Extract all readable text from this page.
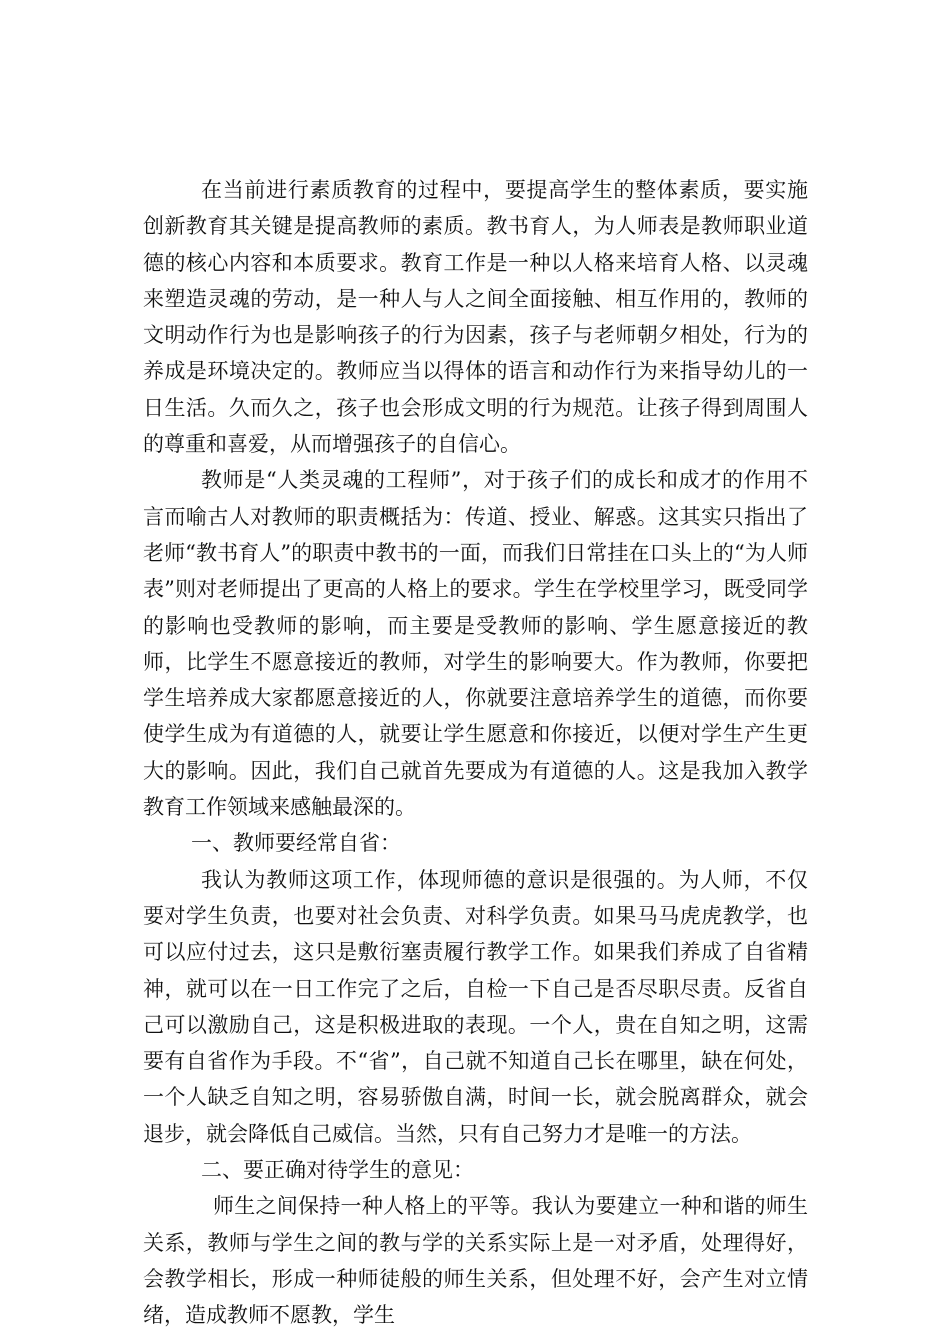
在当前进行素质教育的过程中，要提高学生的整体素质，要实施创新教育其关键是提高教师的素质。教书育人，为人师表是教师职业道德的核心内容和本质要求。教育工作是一种以人格来培育人格、以灵魂来塑造灵魂的劳动，是一种人与人之间全面接触、相互作用的，教师的文明动作行为也是影响孩子的行为因素，孩子与老师朝夕相处，行为的养成是环境决定的。教师应当以得体的语言和动作行为来指导幼儿的一日生活。久而久之，孩子也会形成文明的行为规范。让孩子得到周围人的尊重和喜爱，从而增强孩子的自信心。

教师是“人类灵魂的工程师”，对于孩子们的成长和成才的作用不言而喻古人对教师的职责概括为：传道、授业、解惑。这其实只指出了老师“教书育人”的职责中教书的一面，而我们日常挂在口头上的“为人师表”则对老师提出了更高的人格上的要求。学生在学校里学习，既受同学的影响也受教师的影响，而主要是受教师的影响、学生愿意接近的教师，比学生不愿意接近的教师，对学生的影响要大。作为教师，你要把学生培养成大家都愿意接近的人，你就要注意培养学生的道德，而你要使学生成为有道德的人，就要让学生愿意和你接近，以便对学生产生更大的影响。因此，我们自己就首先要成为有道德的人。这是我加入教学教育工作领域来感触最深的。

一、教师要经常自省：

我认为教师这项工作，体现师德的意识是很强的。为人师，不仅要对学生负责，也要对社会负责、对科学负责。如果马马虎虎教学，也可以应付过去，这只是敷衍塞责履行教学工作。如果我们养成了自省精神，就可以在一日工作完了之后，自检一下自己是否尽职尽责。反省自己可以激励自己，这是积极进取的表现。一个人，贵在自知之明，这需要有自省作为手段。不“省”，自己就不知道自己长在哪里，缺在何处，一个人缺乏自知之明，容易骄傲自满，时间一长，就会脱离群众，就会退步，就会降低自己威信。当然，只有自己努力才是唯一的方法。

二、要正确对待学生的意见：

师生之间保持一种人格上的平等。我认为要建立一种和谐的师生关系，教师与学生之间的教与学的关系实际上是一对矛盾，处理得好，会教学相长，形成一种师徒般的师生关系，但处理不好，会产生对立情绪，造成教师不愿教，学生
